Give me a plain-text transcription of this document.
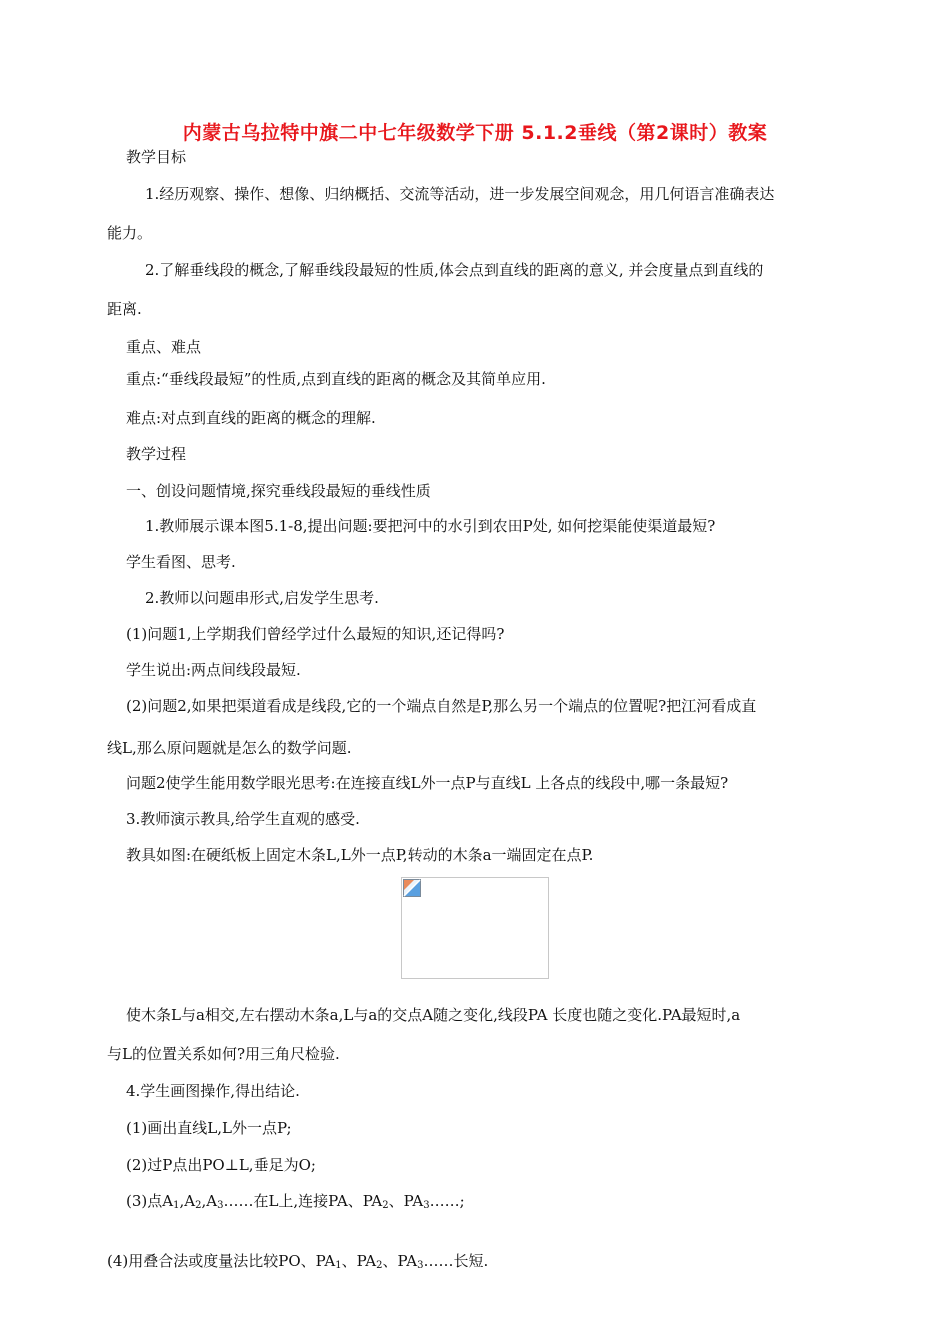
内蒙古乌拉特中旗二中七年级数学下册 5.1.2垂线（第2课时）教案
教学目标
1.经历观察、操作、想像、归纳概括、交流等活动，进一步发展空间观念，用几何语言准确表达
能力。
2.了解垂线段的概念,了解垂线段最短的性质,体会点到直线的距离的意义, 并会度量点到直线的
距离.
重点、难点
重点:“垂线段最短”的性质,点到直线的距离的概念及其简单应用.
难点:对点到直线的距离的概念的理解.
教学过程
一、创设问题情境,探究垂线段最短的垂线性质
1.教师展示课本图5.1-8,提出问题:要把河中的水引到农田P处, 如何挖渠能使渠道最短?
学生看图、思考.
2.教师以问题串形式,启发学生思考.
(1)问题1,上学期我们曾经学过什么最短的知识,还记得吗?
学生说出:两点间线段最短.
(2)问题2,如果把渠道看成是线段,它的一个端点自然是P,那么另一个端点的位置呢?把江河看成直
线L,那么原问题就是怎么的数学问题.
问题2使学生能用数学眼光思考:在连接直线L外一点P与直线L 上各点的线段中,哪一条最短?
3.教师演示教具,给学生直观的感受.
教具如图:在硬纸板上固定木条L,L外一点P,转动的木条a一端固定在点P.
使木条L与a相交,左右摆动木条a,L与a的交点A随之变化,线段PA 长度也随之变化.PA最短时,a
与L的位置关系如何?用三角尺检验.
4.学生画图操作,得出结论.
(1)画出直线L,L外一点P;
(2)过P点出PO⊥L,垂足为O;
(3)点$A_1,A_2,A_3\dots\dots$在L上,连接PA、$PA_2$、$PA_3\dots\dots$;
(4)用叠合法或度量法比较PO、$PA_1$、$PA_2$、$PA_3\dots\dots$长短.
